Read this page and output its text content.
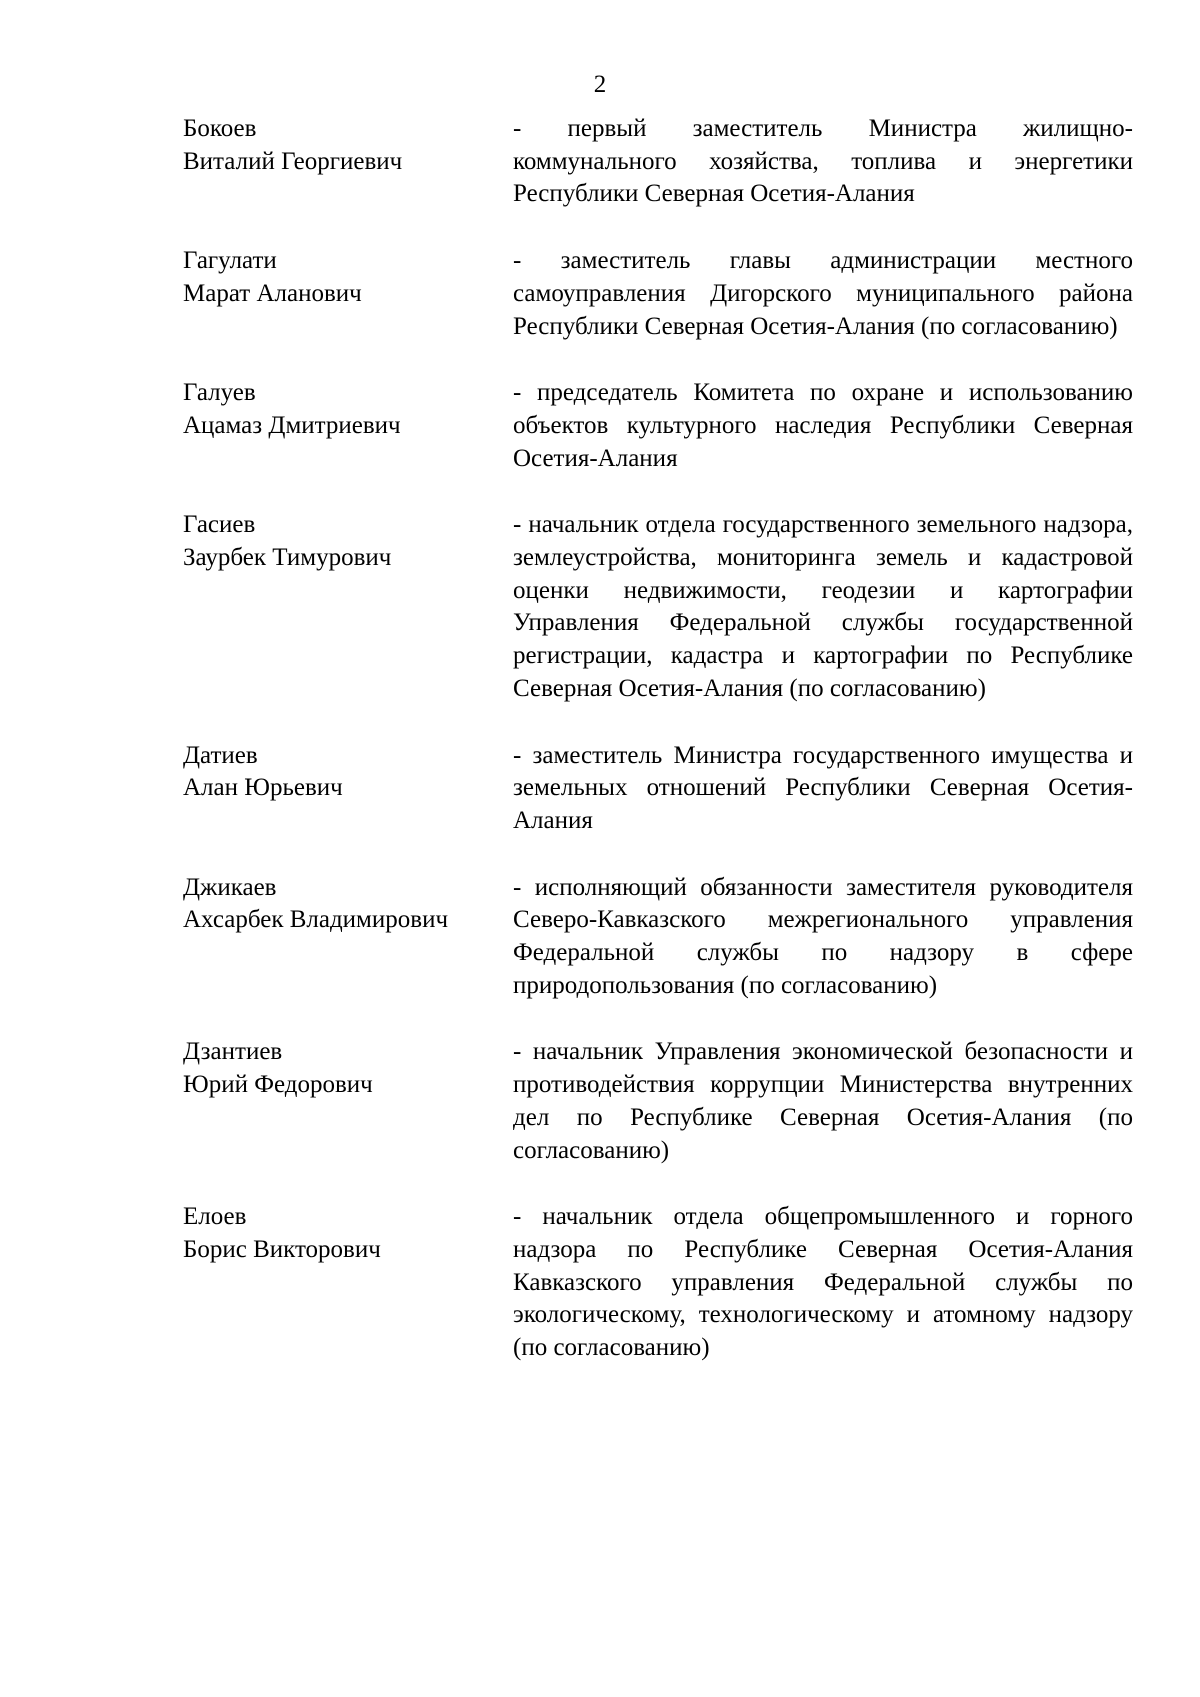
2
Бокоев
Виталий Георгиевич
- первый заместитель Министра жилищно-коммунального хозяйства, топлива и энергетики Республики Северная Осетия-Алания
Гагулати
Марат Аланович
- заместитель главы администрации местного самоуправления Дигорского муниципального района Республики Северная Осетия-Алания (по согласованию)
Галуев
Ацамаз Дмитриевич
- председатель Комитета по охране и использованию объектов культурного наследия Республики Северная Осетия-Алания
Гасиев
Заурбек Тимурович
- начальник отдела государственного земельного надзора, землеустройства, мониторинга земель и кадастровой оценки недвижимости, геодезии и картографии Управления Федеральной службы государственной регистрации, кадастра и картографии по Республике Северная Осетия-Алания (по согласованию)
Датиев
Алан Юрьевич
- заместитель Министра государственного имущества и земельных отношений Республики Северная Осетия-Алания
Джикаев
Ахсарбек Владимирович
- исполняющий обязанности заместителя руководителя Северо-Кавказского межрегионального управления Федеральной службы по надзору в сфере природопользования (по согласованию)
Дзантиев
Юрий Федорович
- начальник Управления экономической безопасности и противодействия коррупции Министерства внутренних дел по Республике Северная Осетия-Алания (по согласованию)
Елоев
Борис Викторович
- начальник отдела общепромышленного и горного надзора по Республике Северная Осетия-Алания Кавказского управления Федеральной службы по экологическому, технологическому и атомному надзору (по согласованию)
